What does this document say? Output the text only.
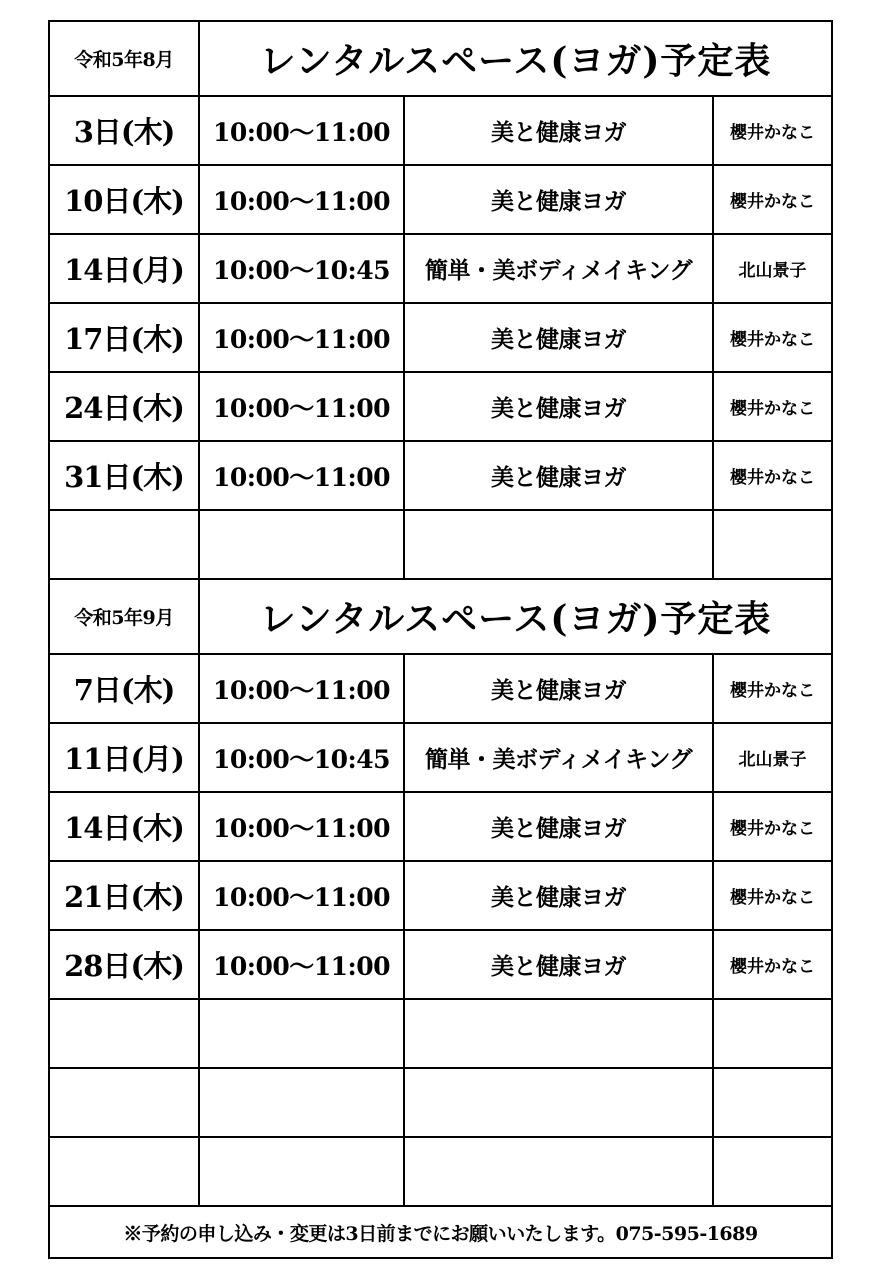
令和5年8月	レンタルスペース(ヨガ)予定表		
3日(木)	10:00～11:00	美と健康ヨガ	櫻井かなこ
10日(木)	10:00～11:00	美と健康ヨガ	櫻井かなこ
14日(月)	10:00～10:45	簡単・美ボディメイキング	北山景子
17日(木)	10:00～11:00	美と健康ヨガ	櫻井かなこ
24日(木)	10:00～11:00	美と健康ヨガ	櫻井かなこ
31日(木)	10:00～11:00	美と健康ヨガ	櫻井かなこ

令和5年9月	レンタルスペース(ヨガ)予定表		
7日(木)	10:00～11:00	美と健康ヨガ	櫻井かなこ
11日(月)	10:00～10:45	簡単・美ボディメイキング	北山景子
14日(木)	10:00～11:00	美と健康ヨガ	櫻井かなこ
21日(木)	10:00～11:00	美と健康ヨガ	櫻井かなこ
28日(木)	10:00～11:00	美と健康ヨガ	櫻井かなこ

※予約の申し込み・変更は3日前までにお願いいたします。075-595-1689			
